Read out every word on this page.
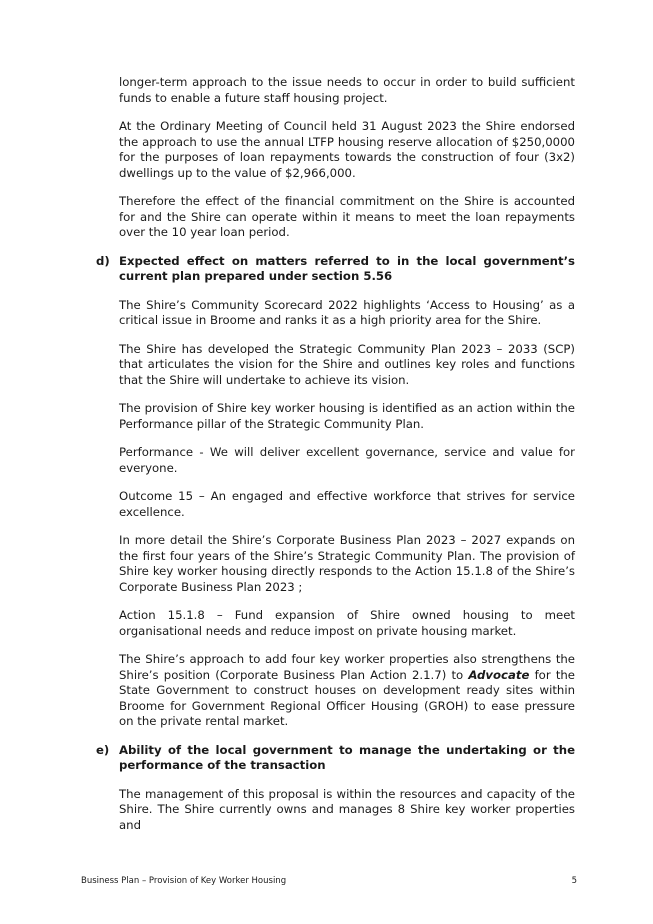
longer-term approach to the issue needs to occur in order to build sufficient funds to enable a future staff housing project.

At the Ordinary Meeting of Council held 31 August 2023 the Shire endorsed the approach to use the annual LTFP housing reserve allocation of $250,0000 for the purposes of loan repayments towards the construction of four (3x2) dwellings up to the value of $2,966,000.

Therefore the effect of the financial commitment on the Shire is accounted for and the Shire can operate within it means to meet the loan repayments over the 10 year loan period.

d) Expected effect on matters referred to in the local government’s current plan prepared under section 5.56

The Shire’s Community Scorecard 2022 highlights ‘Access to Housing’ as a critical issue in Broome and ranks it as a high priority area for the Shire.

The Shire has developed the Strategic Community Plan 2023 – 2033 (SCP) that articulates the vision for the Shire and outlines key roles and functions that the Shire will undertake to achieve its vision.

The provision of Shire key worker housing is identified as an action within the Performance pillar of the Strategic Community Plan.

Performance - We will deliver excellent governance, service and value for everyone.

Outcome 15 – An engaged and effective workforce that strives for service excellence.

In more detail the Shire’s Corporate Business Plan 2023 – 2027 expands on the first four years of the Shire’s Strategic Community Plan. The provision of Shire key worker housing directly responds to the Action 15.1.8 of the Shire’s Corporate Business Plan 2023 ;

Action 15.1.8 – Fund expansion of Shire owned housing to meet organisational needs and reduce impost on private housing market.

The Shire’s approach to add four key worker properties also strengthens the Shire’s position (Corporate Business Plan Action 2.1.7) to Advocate for the State Government to construct houses on development ready sites within Broome for Government Regional Officer Housing (GROH) to ease pressure on the private rental market.

e) Ability of the local government to manage the undertaking or the performance of the transaction

The management of this proposal is within the resources and capacity of the Shire. The Shire currently owns and manages 8 Shire key worker properties and

Business Plan – Provision of Key Worker Housing	5
